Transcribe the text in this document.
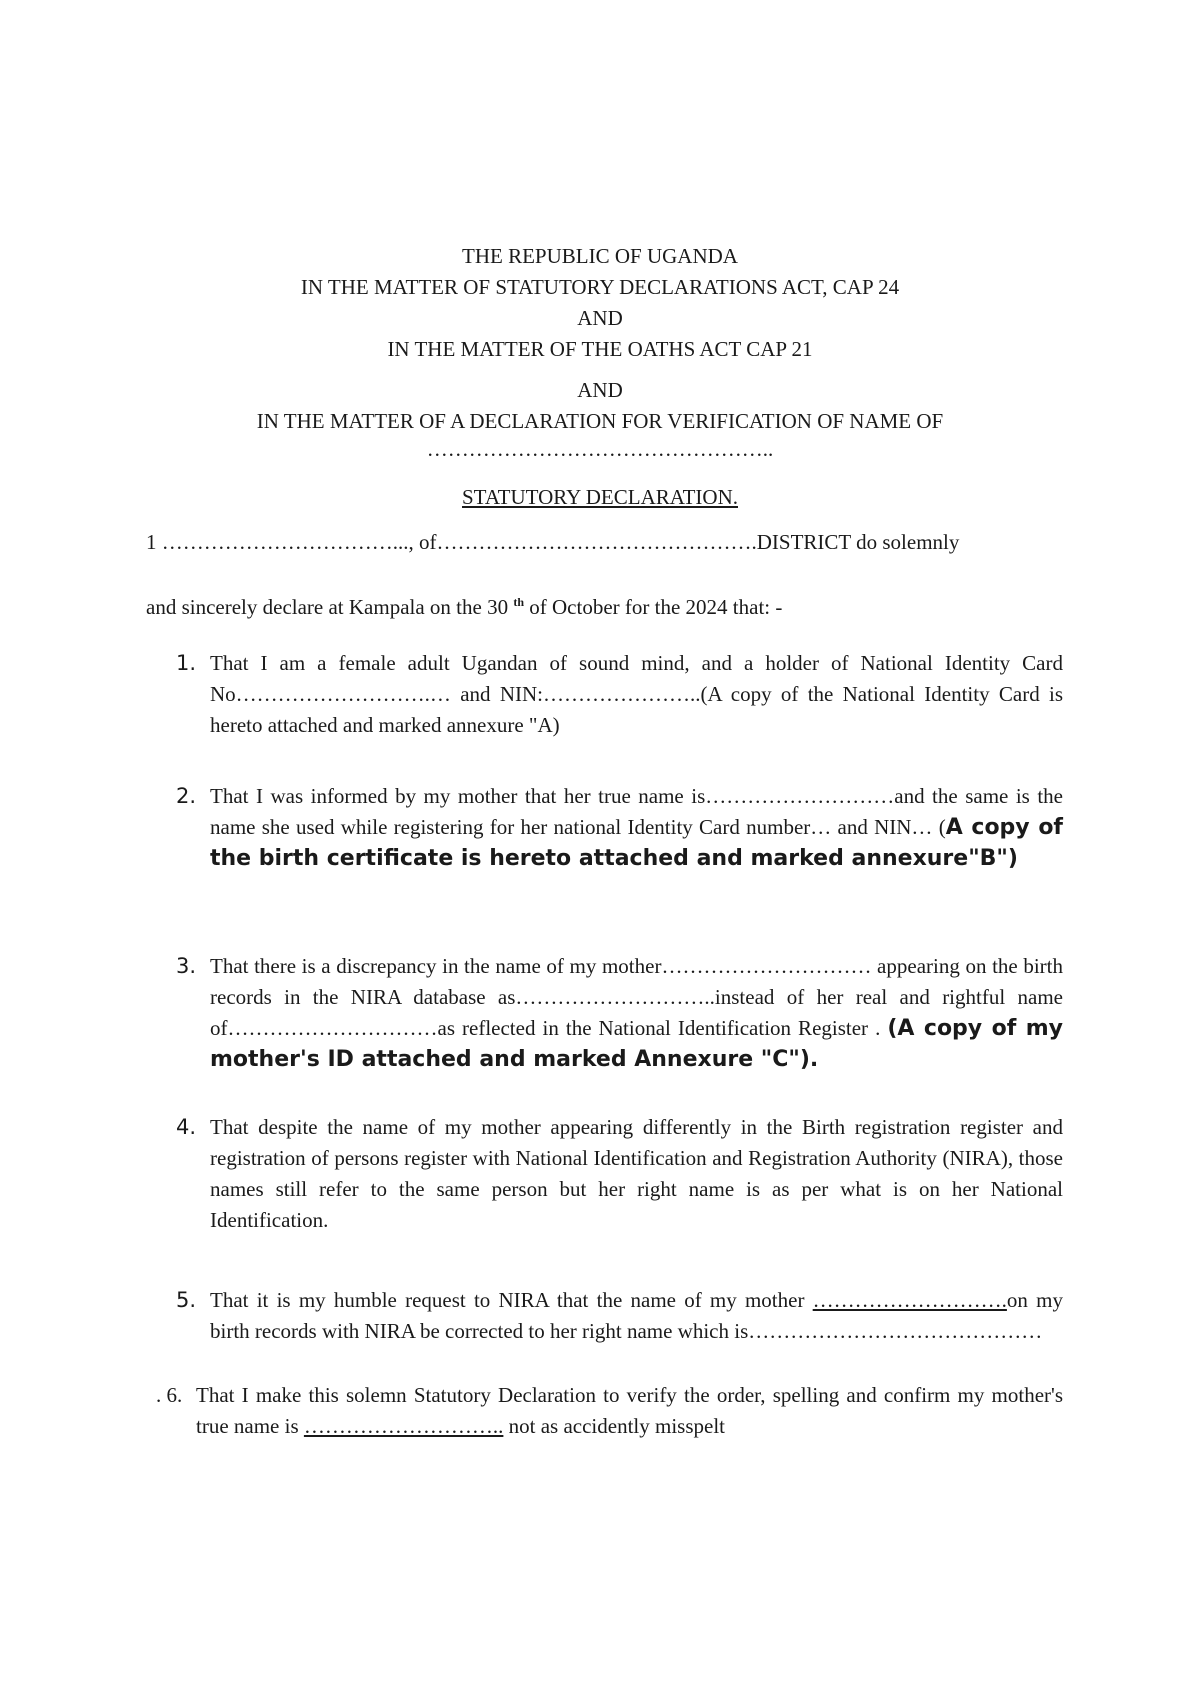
THE REPUBLIC OF UGANDA
IN THE MATTER OF STATUTORY DECLARATIONS ACT, CAP 24
AND
IN THE MATTER OF THE OATHS ACT CAP 21
AND
IN THE MATTER OF A DECLARATION FOR VERIFICATION OF NAME OF
…………………………………………..
STATUTORY DECLARATION.
1 ……………………………..., of……………………………………….DISTRICT do solemnly
and sincerely declare at Kampala on the 30 $^{th}$ of October for the 2024 that: -
1. That I am a female adult Ugandan of sound mind, and a holder of National Identity Card No……………………….… and NIN:…………………..(A copy of the National Identity Card is hereto attached and marked annexure "A)
2. That I was informed by my mother that her true name is………………………and the same is the name she used while registering for her national Identity Card number… and NIN… (A copy of the birth certificate is hereto attached and marked annexure"B")
3. That there is a discrepancy in the name of my mother………………………… appearing on the birth records in the NIRA database as………………………..instead of her real and rightful name of…………………………as reflected in the National Identification Register . (A copy of my mother's ID attached and marked Annexure "C").
4. That despite the name of my mother appearing differently in the Birth registration register and registration of persons register with National Identification and Registration Authority (NIRA), those names still refer to the same person but her right name is as per what is on her National Identification.
5. That it is my humble request to NIRA that the name of my mother ……………………….on my birth records with NIRA be corrected to her right name which is……………………………………
. 6. That I make this solemn Statutory Declaration to verify the order, spelling and confirm my mother's true name is ……………………….. not as accidently misspelt
